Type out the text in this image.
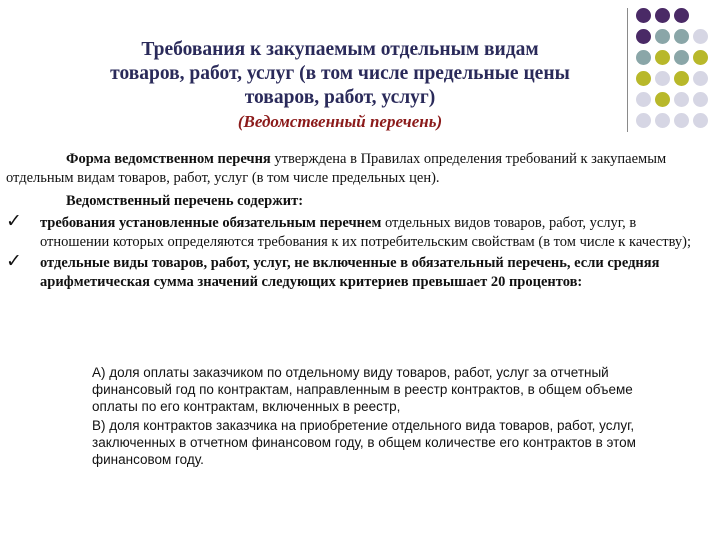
Требования к закупаемым отдельным видам
товаров, работ, услуг (в том числе предельные цены
товаров, работ, услуг)
(Ведомственный перечень)

Форма ведомственном перечня утверждена в Правилах определения требований к закупаемым отдельным видам товаров, работ, услуг (в том числе предельных цен).

Ведомственный перечень содержит:

✓ требования установленные обязательным перечнем отдельных видов товаров, работ, услуг, в отношении которых определяются требования к их потребительским свойствам (в том числе к качеству);
✓ отдельные виды товаров, работ, услуг, не включенные в обязательный перечень, если средняя арифметическая сумма значений следующих критериев превышает 20 процентов:

А) доля оплаты заказчиком по отдельному виду товаров, работ, услуг за отчетный финансовый год по контрактам, направленным в реестр контрактов, в общем объеме оплаты по его контрактам, включенных в реестр,

В) доля контрактов заказчика на приобретение отдельного вида товаров, работ, услуг, заключенных в отчетном финансовом году, в общем количестве его контрактов в этом финансовом году.
